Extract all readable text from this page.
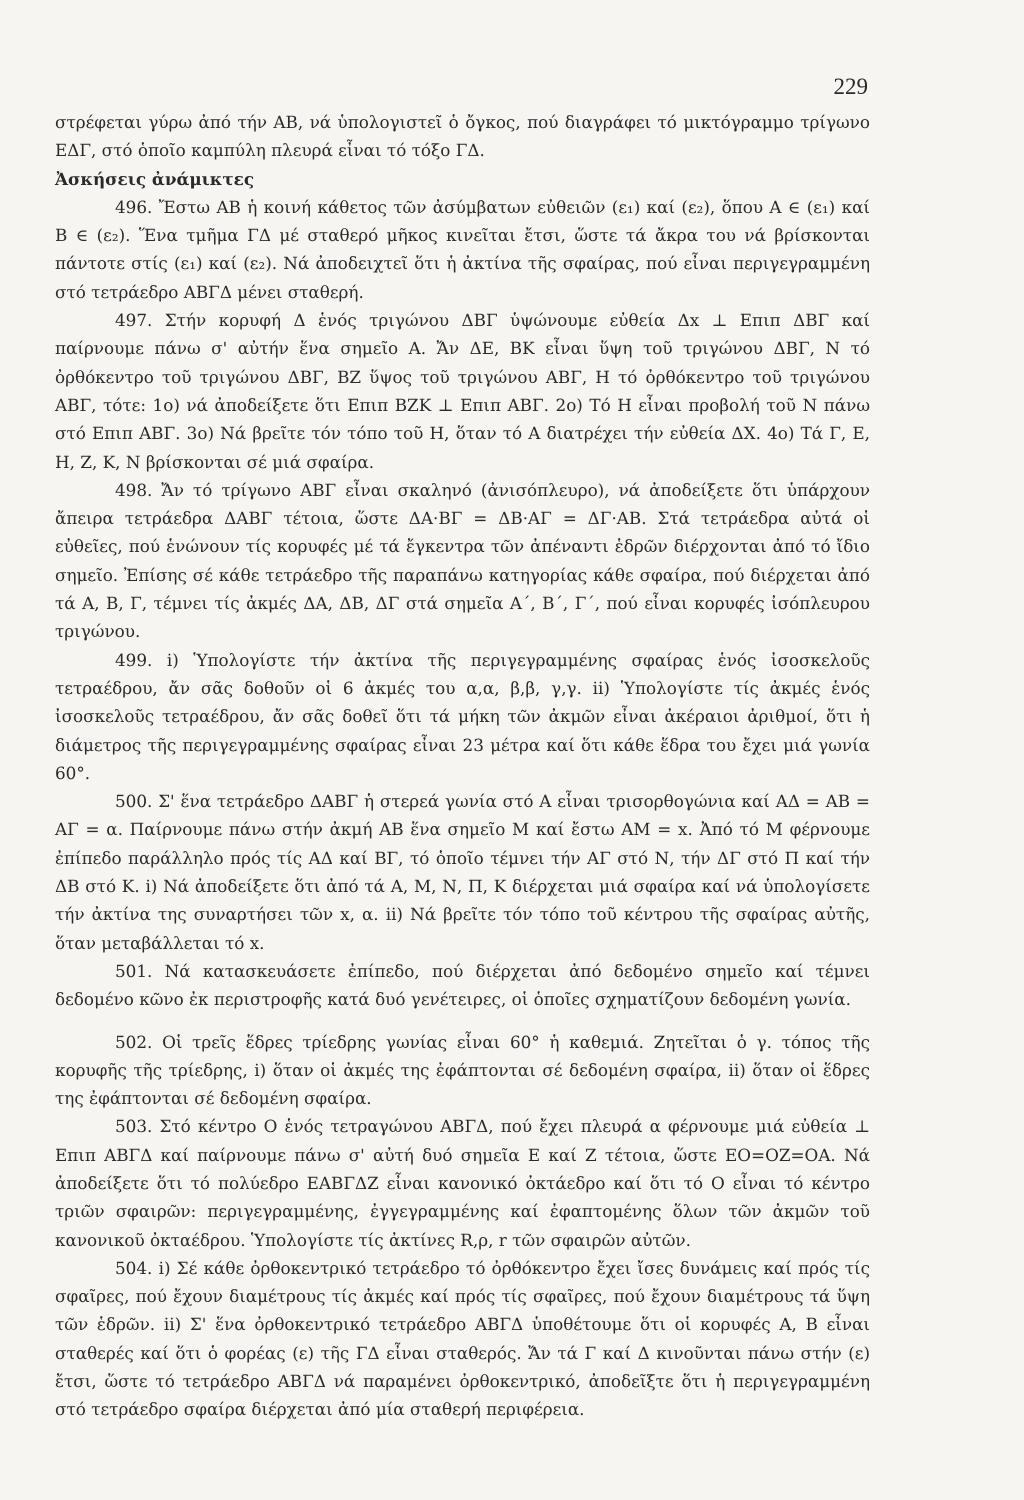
229

στρέφεται γύρω ἀπό τήν ΑΒ, νά ὑπολογιστεῖ ὁ ὄγκος, πού διαγράφει τό μικτόγραμμο τρίγωνο ΕΔΓ, στό ὁποῖο καμπύλη πλευρά εἶναι τό τόξο ΓΔ.

Ἀσκήσεις ἀνάμικτες

496. Ἔστω ΑΒ ἡ κοινή κάθετος τῶν ἀσύμβατων εὐθειῶν (ε₁) καί (ε₂), ὅπου Α ∈ (ε₁) καί Β ∈ (ε₂). Ἕνα τμῆμα ΓΔ μέ σταθερό μῆκος κινεῖται ἔτσι, ὥστε τά ἄκρα του νά βρίσκονται πάντοτε στίς (ε₁) καί (ε₂). Νά ἀποδειχτεῖ ὅτι ἡ ἀκτίνα τῆς σφαίρας, πού εἶναι περιγεγραμμένη στό τετράεδρο ΑΒΓΔ μένει σταθερή.

497. Στήν κορυφή Δ ἑνός τριγώνου ΔΒΓ ὑψώνουμε εὐθεία Δx ⊥ Επιπ ΔΒΓ καί παίρνουμε πάνω σ' αὐτήν ἕνα σημεῖο Α. Ἄν ΔΕ, ΒΚ εἶναι ὕψη τοῦ τριγώνου ΔΒΓ, Ν τό ὀρθόκεντρο τοῦ τριγώνου ΔΒΓ, ΒΖ ὕψος τοῦ τριγώνου ΑΒΓ, Η τό ὀρθόκεντρο τοῦ τριγώνου ΑΒΓ, τότε: 1ο) νά ἀποδείξετε ὅτι Επιπ ΒΖΚ ⊥ Επιπ ΑΒΓ. 2ο) Τό Η εἶναι προβολή τοῦ Ν πάνω στό Επιπ ΑΒΓ. 3ο) Νά βρεῖτε τόν τόπο τοῦ Η, ὅταν τό Α διατρέχει τήν εὐθεία ΔΧ. 4ο) Τά Γ, Ε, Η, Ζ, Κ, Ν βρίσκονται σέ μιά σφαίρα.

498. Ἄν τό τρίγωνο ΑΒΓ εἶναι σκαληνό (ἀνισόπλευρο), νά ἀποδείξετε ὅτι ὑπάρχουν ἄπειρα τετράεδρα ΔΑΒΓ τέτοια, ὥστε ΔΑ·ΒΓ = ΔΒ·ΑΓ = ΔΓ·ΑΒ. Στά τετράεδρα αὐτά οἱ εὐθεῖες, πού ἑνώνουν τίς κορυφές μέ τά ἔγκεντρα τῶν ἀπέναντι ἑδρῶν διέρχονται ἀπό τό ἴδιο σημεῖο. Ἐπίσης σέ κάθε τετράεδρο τῆς παραπάνω κατηγορίας κάθε σφαίρα, πού διέρχεται ἀπό τά Α, Β, Γ, τέμνει τίς ἀκμές ΔΑ, ΔΒ, ΔΓ στά σημεῖα Α΄, Β΄, Γ΄, πού εἶναι κορυφές ἰσόπλευρου τριγώνου.

499. i) Ὑπολογίστε τήν ἀκτίνα τῆς περιγεγραμμένης σφαίρας ἑνός ἰσοσκελοῦς τετραέδρου, ἄν σᾶς δοθοῦν οἱ 6 ἀκμές του α,α, β,β, γ,γ. ii) Ὑπολογίστε τίς ἀκμές ἑνός ἰσοσκελοῦς τετραέδρου, ἄν σᾶς δοθεῖ ὅτι τά μήκη τῶν ἀκμῶν εἶναι ἀκέραιοι ἀριθμοί, ὅτι ἡ διάμετρος τῆς περιγεγραμμένης σφαίρας εἶναι 23 μέτρα καί ὅτι κάθε ἕδρα του ἔχει μιά γωνία 60°.

500. Σ' ἕνα τετράεδρο ΔΑΒΓ ἡ στερεά γωνία στό Α εἶναι τρισορθογώνια καί ΑΔ = ΑΒ = ΑΓ = α. Παίρνουμε πάνω στήν ἀκμή ΑΒ ἕνα σημεῖο Μ καί ἔστω ΑΜ = x. Ἀπό τό Μ φέρνουμε ἐπίπεδο παράλληλο πρός τίς ΑΔ καί ΒΓ, τό ὁποῖο τέμνει τήν ΑΓ στό Ν, τήν ΔΓ στό Π καί τήν ΔΒ στό Κ. i) Νά ἀποδείξετε ὅτι ἀπό τά Α, Μ, Ν, Π, Κ διέρχεται μιά σφαίρα καί νά ὑπολογίσετε τήν ἀκτίνα της συναρτήσει τῶν x, α. ii) Νά βρεῖτε τόν τόπο τοῦ κέντρου τῆς σφαίρας αὐτῆς, ὅταν μεταβάλλεται τό x.

501. Νά κατασκευάσετε ἐπίπεδο, πού διέρχεται ἀπό δεδομένο σημεῖο καί τέμνει δεδομένο κῶνο ἐκ περιστροφῆς κατά δυό γενέτειρες, οἱ ὁποῖες σχηματίζουν δεδομένη γωνία.

502. Οἱ τρεῖς ἕδρες τρίεδρης γωνίας εἶναι 60° ἡ καθεμιά. Ζητεῖται ὁ γ. τόπος τῆς κορυφῆς τῆς τρίεδρης, i) ὅταν οἱ ἀκμές της ἐφάπτονται σέ δεδομένη σφαίρα, ii) ὅταν οἱ ἕδρες της ἐφάπτονται σέ δεδομένη σφαίρα.

503. Στό κέντρο Ο ἑνός τετραγώνου ΑΒΓΔ, πού ἔχει πλευρά α φέρνουμε μιά εὐθεία ⊥ Επιπ ΑΒΓΔ καί παίρνουμε πάνω σ' αὐτή δυό σημεῖα Ε καί Ζ τέτοια, ὥστε ΕΟ=ΟΖ=ΟΑ. Νά ἀποδείξετε ὅτι τό πολύεδρο ΕΑΒΓΔΖ εἶναι κανονικό ὀκτάεδρο καί ὅτι τό Ο εἶναι τό κέντρο τριῶν σφαιρῶν: περιγεγραμμένης, ἐγγεγραμμένης καί ἐφαπτομένης ὅλων τῶν ἀκμῶν τοῦ κανονικοῦ ὀκταέδρου. Ὑπολογίστε τίς ἀκτίνες R,ρ, r τῶν σφαιρῶν αὐτῶν.

504. i) Σέ κάθε ὀρθοκεντρικό τετράεδρο τό ὀρθόκεντρο ἔχει ἴσες δυνάμεις καί πρός τίς σφαῖρες, πού ἔχουν διαμέτρους τίς ἀκμές καί πρός τίς σφαῖρες, πού ἔχουν διαμέτρους τά ὕψη τῶν ἑδρῶν. ii) Σ' ἕνα ὀρθοκεντρικό τετράεδρο ΑΒΓΔ ὑποθέτουμε ὅτι οἱ κορυφές Α, Β εἶναι σταθερές καί ὅτι ὁ φορέας (ε) τῆς ΓΔ εἶναι σταθερός. Ἄν τά Γ καί Δ κινοῦνται πάνω στήν (ε) ἔτσι, ὥστε τό τετράεδρο ΑΒΓΔ νά παραμένει ὀρθοκεντρικό, ἀποδεῖξτε ὅτι ἡ περιγεγραμμένη στό τετράεδρο σφαίρα διέρχεται ἀπό μία σταθερή περιφέρεια.
